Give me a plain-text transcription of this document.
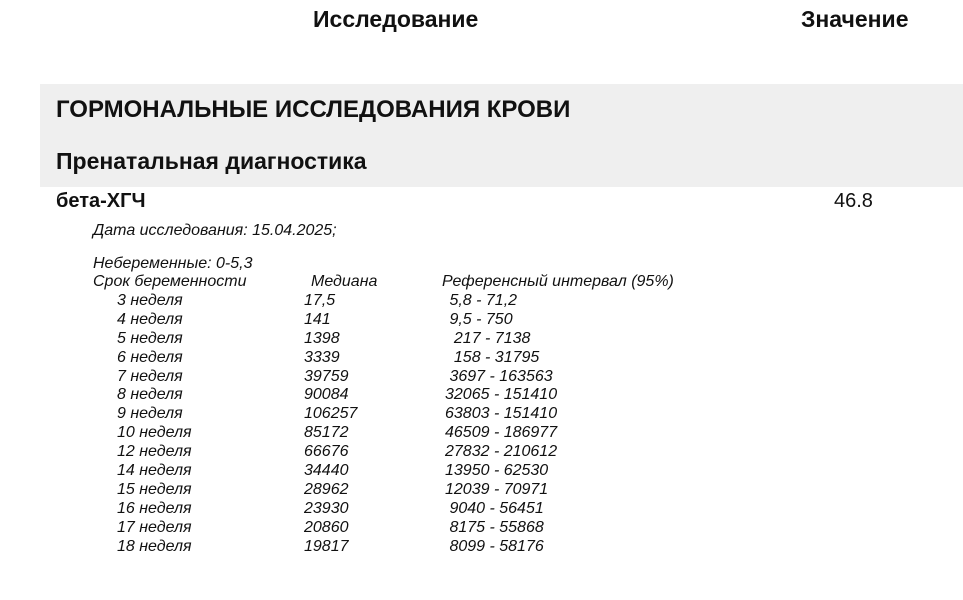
Исследование	Значение
ГОРМОНАЛЬНЫЕ ИССЛЕДОВАНИЯ КРОВИ
Пренатальная диагностика
бета-ХГЧ	46.8
Дата исследования: 15.04.2025;
Небеременные: 0-5,3
Срок беременности	Медиана	Референсный интервал (95%)
3 неделя	17,5	5,8 - 71,2
4 неделя	141	9,5 - 750
5 неделя	1398	217 - 7138
6 неделя	3339	158 - 31795
7 неделя	39759	3697 - 163563
8 неделя	90084	32065 - 151410
9 неделя	106257	63803 - 151410
10 неделя	85172	46509 - 186977
12 неделя	66676	27832 - 210612
14 неделя	34440	13950 - 62530
15 неделя	28962	12039 - 70971
16 неделя	23930	9040 - 56451
17 неделя	20860	8175 - 55868
18 неделя	19817	8099 - 58176
